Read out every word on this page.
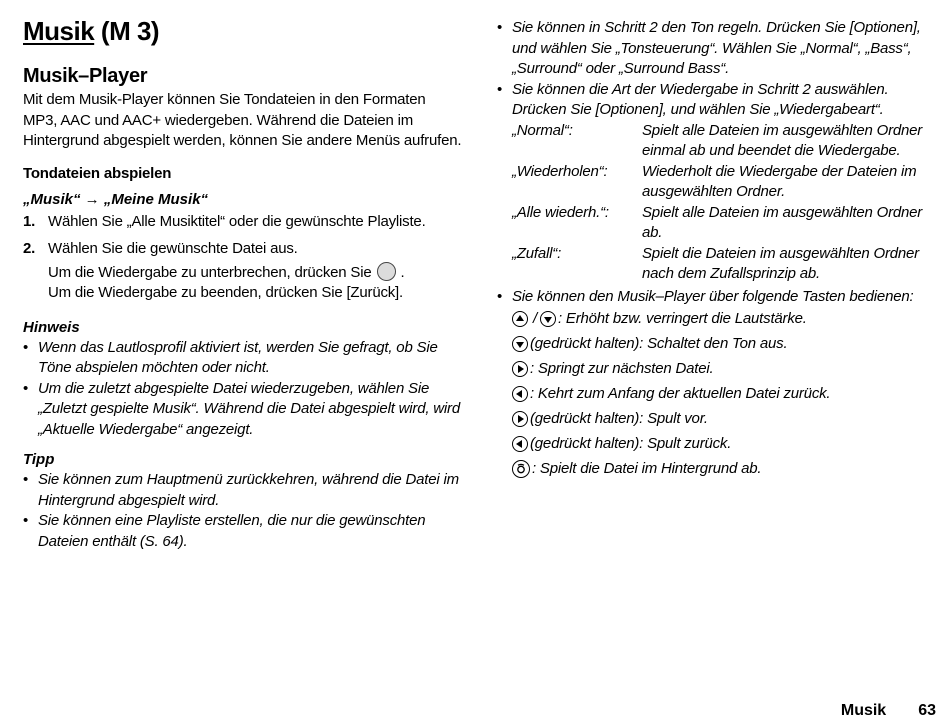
Musik (M 3)
Musik–Player

Mit dem Musik-Player können Sie Tondateien in den Formaten MP3, AAC und AAC+ wiedergeben. Während die Dateien im Hintergrund abgespielt werden, können Sie andere Menüs aufrufen.

Tondateien abspielen
„Musik“ → „Meine Musik“
1. Wählen Sie „Alle Musiktitel“ oder die gewünschte Playliste.
2. Wählen Sie die gewünschte Datei aus.
Um die Wiedergabe zu unterbrechen, drücken Sie .
Um die Wiedergabe zu beenden, drücken Sie [Zurück].
Hinweis
• Wenn das Lautlosprofil aktiviert ist, werden Sie gefragt, ob Sie Töne abspielen möchten oder nicht.
• Um die zuletzt abgespielte Datei wiederzugeben, wählen Sie „Zuletzt gespielte Musik“. Während die Datei abgespielt wird, wird „Aktuelle Wiedergabe“ angezeigt.
Tipp
• Sie können zum Hauptmenü zurückkehren, während die Datei im Hintergrund abgespielt wird.
• Sie können eine Playliste erstellen, die nur die gewünschten Dateien enthält (S. 64).
• Sie können in Schritt 2 den Ton regeln. Drücken Sie [Optionen], und wählen Sie „Tonsteuerung“. Wählen Sie „Normal“, „Bass“, „Surround“ oder „Surround Bass“.
• Sie können die Art der Wiedergabe in Schritt 2 auswählen. Drücken Sie [Optionen], und wählen Sie „Wiedergabeart“.
„Normal“:	Spielt alle Dateien im ausgewählten Ordner einmal ab und beendet die Wiedergabe.
„Wiederholen“:	Wiederholt die Wiedergabe der Dateien im ausgewählten Ordner.
„Alle wiederh.“:	Spielt alle Dateien im ausgewählten Ordner ab.
„Zufall“:	Spielt die Dateien im ausgewählten Ordner nach dem Zufallsprinzip ab.
• Sie können den Musik–Player über folgende Tasten bedienen:
/ : Erhöht bzw. verringert die Lautstärke.
(gedrückt halten): Schaltet den Ton aus.
: Springt zur nächsten Datei.
: Kehrt zum Anfang der aktuellen Datei zurück.
(gedrückt halten): Spult vor.
(gedrückt halten): Spult zurück.
: Spielt die Datei im Hintergrund ab.
Musik 63
